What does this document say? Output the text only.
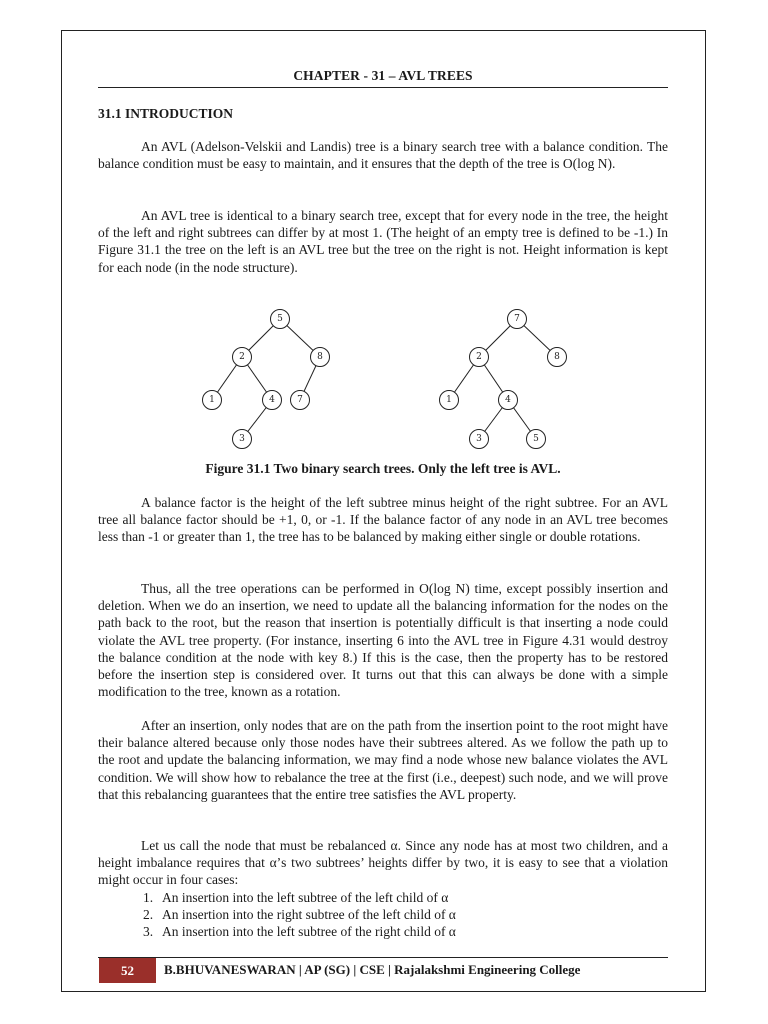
CHAPTER - 31 – AVL TREES
31.1 INTRODUCTION

An AVL (Adelson-Velskii and Landis) tree is a binary search tree with a balance condition. The balance condition must be easy to maintain, and it ensures that the depth of the tree is O(log N).

An AVL tree is identical to a binary search tree, except that for every node in the tree, the height of the left and right subtrees can differ by at most 1. (The height of an empty tree is defined to be -1.) In Figure 31.1 the tree on the left is an AVL tree but the tree on the right is not. Height information is kept for each node (in the node structure).

5
2	8
1	4 7
3
7
2	8
1	4
3	5
Figure 31.1 Two binary search trees. Only the left tree is AVL.

A balance factor is the height of the left subtree minus height of the right subtree. For an AVL tree all balance factor should be +1, 0, or -1. If the balance factor of any node in an AVL tree becomes less than -1 or greater than 1, the tree has to be balanced by making either single or double rotations.

Thus, all the tree operations can be performed in O(log N) time, except possibly insertion and deletion. When we do an insertion, we need to update all the balancing information for the nodes on the path back to the root, but the reason that insertion is potentially difficult is that inserting a node could violate the AVL tree property. (For instance, inserting 6 into the AVL tree in Figure 4.31 would destroy the balance condition at the node with key 8.) If this is the case, then the property has to be restored before the insertion step is considered over. It turns out that this can always be done with a simple modification to the tree, known as a rotation.

After an insertion, only nodes that are on the path from the insertion point to the root might have their balance altered because only those nodes have their subtrees altered. As we follow the path up to the root and update the balancing information, we may find a node whose new balance violates the AVL condition. We will show how to rebalance the tree at the first (i.e., deepest) such node, and we will prove that this rebalancing guarantees that the entire tree satisfies the AVL property.

Let us call the node that must be rebalanced α. Since any node has at most two children, and a height imbalance requires that α’s two subtrees’ heights differ by two, it is easy to see that a violation might occur in four cases:

1. An insertion into the left subtree of the left child of α
2. An insertion into the right subtree of the left child of α
3. An insertion into the left subtree of the right child of α
52	B.BHUVANESWARAN | AP (SG) | CSE | Rajalakshmi Engineering College
